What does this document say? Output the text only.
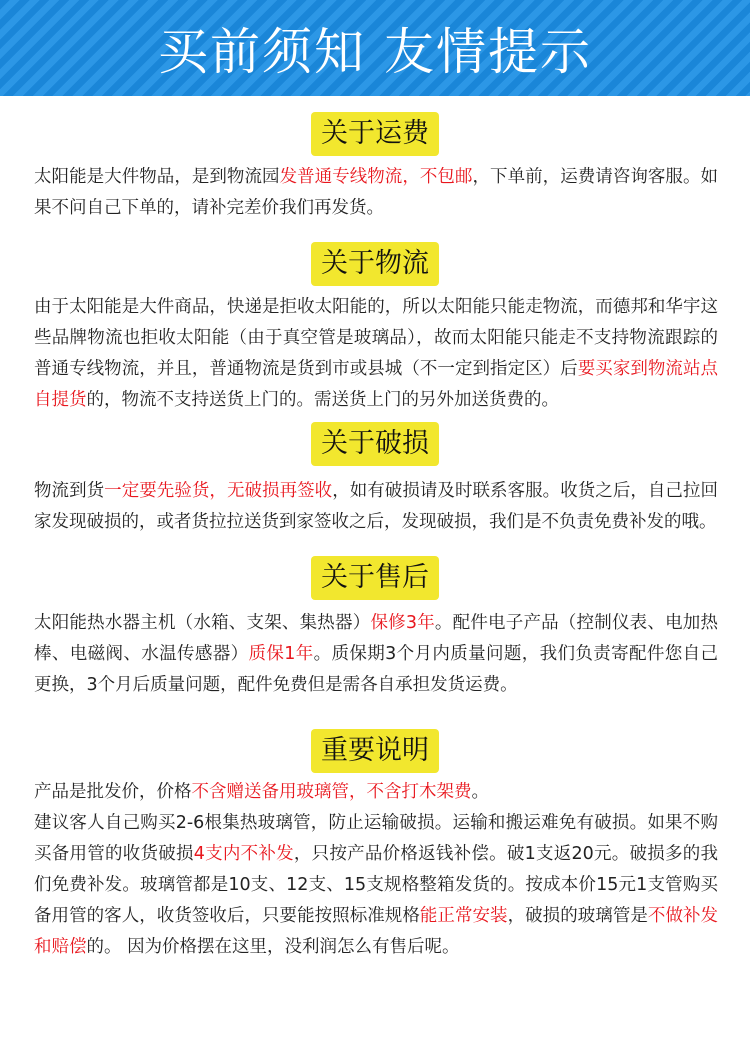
买前须知 友情提示
关于运费

太阳能是大件物品，是到物流园发普通专线物流，不包邮，下单前，运费请咨询客服。如果不问自己下单的，请补完差价我们再发货。

关于物流

由于太阳能是大件商品，快递是拒收太阳能的，所以太阳能只能走物流，而德邦和华宇这些品牌物流也拒收太阳能（由于真空管是玻璃品），故而太阳能只能走不支持物流跟踪的普通专线物流，并且，普通物流是货到市或县城（不一定到指定区）后要买家到物流站点自提货的，物流不支持送货上门的。需送货上门的另外加送货费的。

关于破损

物流到货一定要先验货，无破损再签收，如有破损请及时联系客服。收货之后，自己拉回家发现破损的，或者货拉拉送货到家签收之后，发现破损，我们是不负责免费补发的哦。

关于售后

太阳能热水器主机（水箱、支架、集热器）保修3年。配件电子产品（控制仪表、电加热棒、电磁阀、水温传感器）质保1年。质保期3个月内质量问题，我们负责寄配件您自己更换，3个月后质量问题，配件免费但是需各自承担发货运费。

重要说明

产品是批发价，价格不含赠送备用玻璃管，不含打木架费。
建议客人自己购买2-6根集热玻璃管，防止运输破损。运输和搬运难免有破损。如果不购买备用管的收货破损4支内不补发，只按产品价格返钱补偿。破1支返20元。破损多的我们免费补发。玻璃管都是10支、12支、15支规格整箱发货的。按成本价15元1支管购买备用管的客人，收货签收后，只要能按照标准规格能正常安装，破损的玻璃管是不做补发和赔偿的。 因为价格摆在这里，没利润怎么有售后呢。
